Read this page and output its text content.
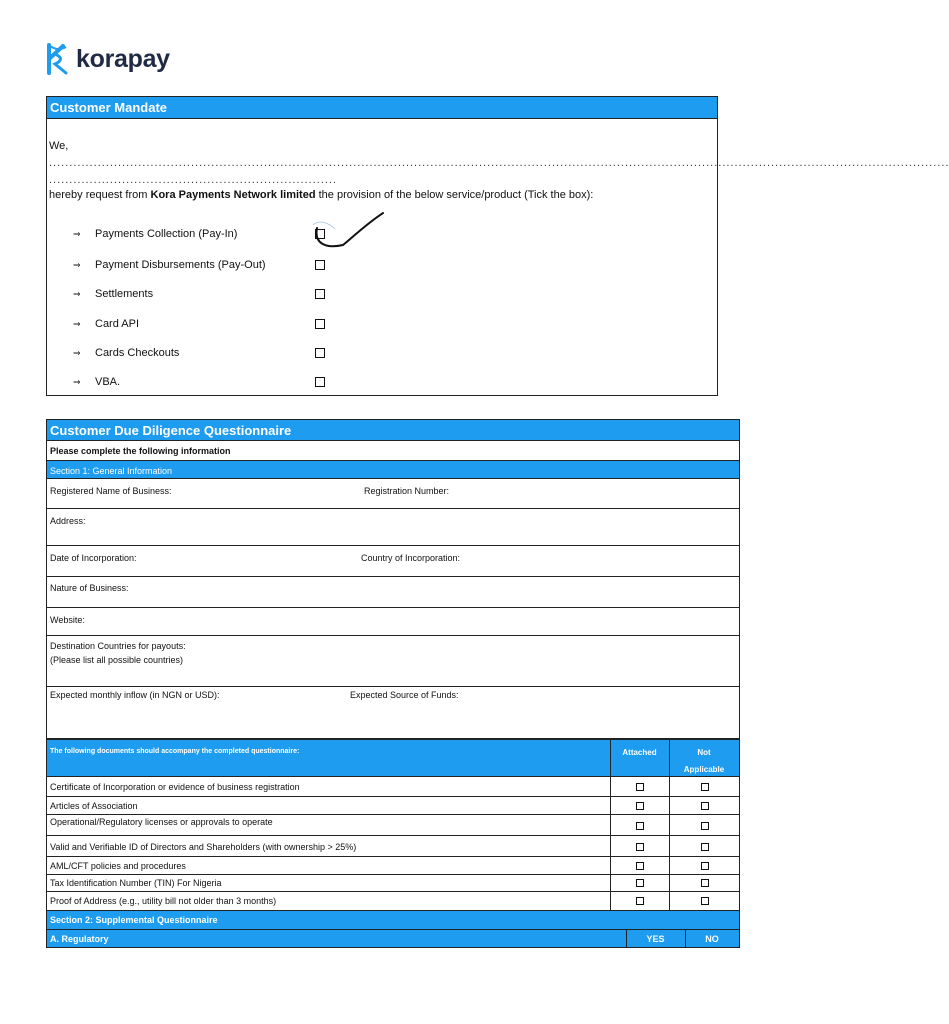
korapay
Customer Mandate
We,
..............................................................................................................................................................................................................................
.......................................................................
hereby request from Kora Payments Network limited the provision of the below service/product (Tick the box):
⇒	Payments Collection (Pay-In)
⇒	Payment Disbursements (Pay-Out)
⇒	Settlements
⇒	Card API
⇒	Cards Checkouts
⇒	VBA.
Customer Due Diligence Questionnaire
Please complete the following information
Section 1: General Information
Registered Name of Business:	Registration Number:
Address:
Date of Incorporation:	Country of Incorporation:
Nature of Business:
Website:
Destination Countries for payouts:
(Please list all possible countries)
Expected monthly inflow (in NGN or USD):	Expected Source of Funds:
The following documents should accompany the completed questionnaire:	Attached	Not
Applicable
Certificate of Incorporation or evidence of business registration
Articles of Association
Operational/Regulatory licenses or approvals to operate
Valid and Verifiable ID of Directors and Shareholders (with ownership > 25%)
AML/CFT policies and procedures
Tax Identification Number (TIN) For Nigeria
Proof of Address (e.g., utility bill not older than 3 months)
Section 2: Supplemental Questionnaire
A. Regulatory	YES	NO
